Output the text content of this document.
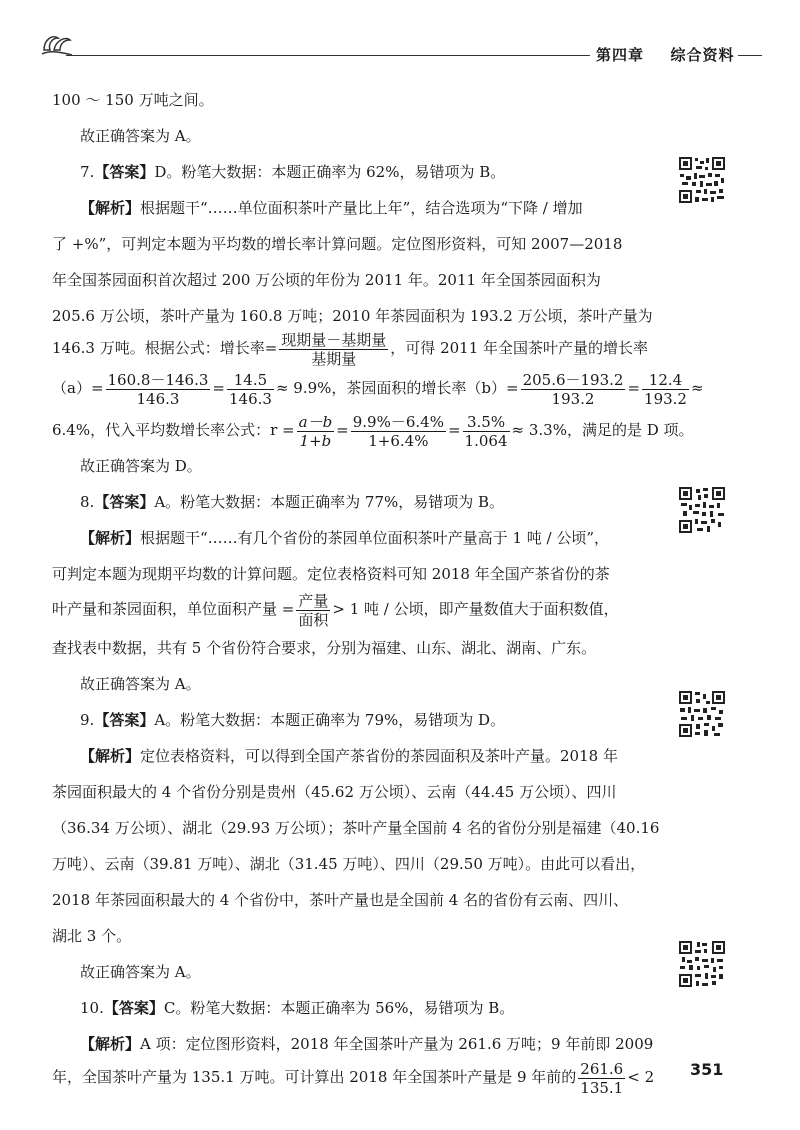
第四章 综合资料
100 ～ 150 万吨之间。
故正确答案为 A。
7.【答案】D。粉笔大数据：本题正确率为 62%，易错项为 B。
【解析】根据题干“……单位面积茶叶产量比上年”，结合选项为“下降 / 增加
了 +%”，可判定本题为平均数的增长率计算问题。定位图形资料，可知 2007—2018
年全国茶园面积首次超过 200 万公顷的年份为 2011 年。2011 年全国茶园面积为
205.6 万公顷，茶叶产量为 160.8 万吨；2010 年茶园面积为 193.2 万公顷，茶叶产量为
146.3 万吨。根据公式：增长率= $\frac{\text{现期量－基期量}}{\text{基期量}}$ ，可得 2011 年全国茶叶产量的增长率
$(a)= \frac{160.8-146.3}{146.3} = \frac{14.5}{146.3} \approx 9.9\%$，茶园面积的增长率$(b)= \frac{205.6-193.2}{193.2} = \frac{12.4}{193.2}$ ≈
6.4%，代入平均数增长率公式：$r = \frac{a-b}{1+b} = \frac{9.9\%-6.4\%}{1+6.4\%} = \frac{3.5\%}{1.064} \approx 3.3\%$，满足的是 D 项。
故正确答案为 D。
8.【答案】A。粉笔大数据：本题正确率为 77%，易错项为 B。
【解析】根据题干“……有几个省份的茶园单位面积茶叶产量高于 1 吨 / 公顷”，
可判定本题为现期平均数的计算问题。定位表格资料可知 2018 年全国产茶省份的茶
叶产量和茶园面积，单位面积产量 = $\frac{\text{产量}}{\text{面积}} > 1$ 吨 / 公顷，即产量数值大于面积数值，
查找表中数据，共有 5 个省份符合要求，分别为福建、山东、湖北、湖南、广东。
故正确答案为 A。
9.【答案】A。粉笔大数据：本题正确率为 79%，易错项为 D。
【解析】定位表格资料，可以得到全国产茶省份的茶园面积及茶叶产量。2018 年
茶园面积最大的 4 个省份分别是贵州（45.62 万公顷）、云南（44.45 万公顷）、四川
（36.34 万公顷）、湖北（29.93 万公顷）；茶叶产量全国前 4 名的省份分别是福建（40.16
万吨）、云南（39.81 万吨）、湖北（31.45 万吨）、四川（29.50 万吨）。由此可以看出，
2018 年茶园面积最大的 4 个省份中，茶叶产量也是全国前 4 名的省份有云南、四川、
湖北 3 个。
故正确答案为 A。
10.【答案】C。粉笔大数据：本题正确率为 56%，易错项为 B。
【解析】A 项：定位图形资料，2018 年全国茶叶产量为 261.6 万吨；9 年前即 2009
年，全国茶叶产量为 135.1 万吨。可计算出 2018 年全国茶叶产量是 9 年前的 $\frac{261.6}{135.1} < 2$ 351
